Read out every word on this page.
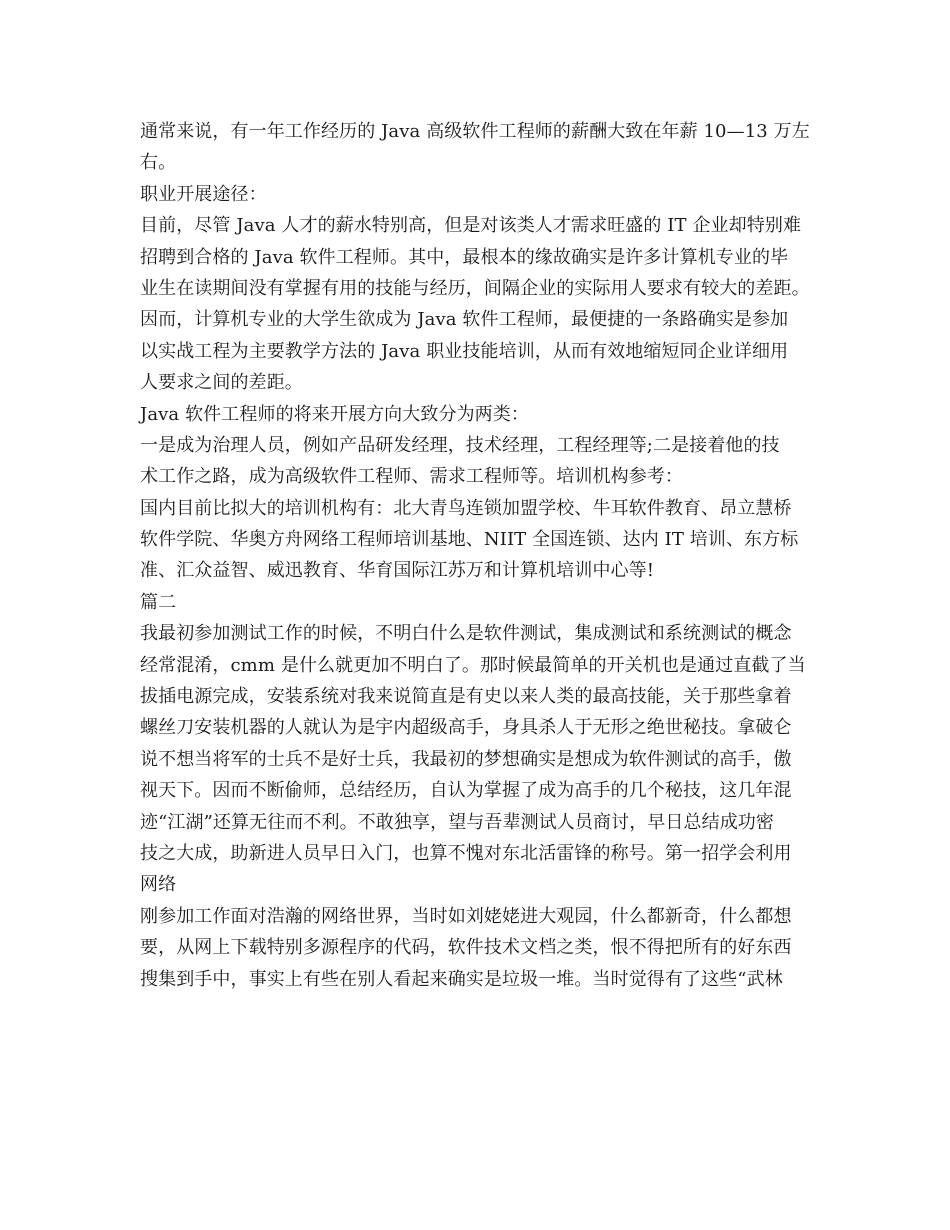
通常来说，有一年工作经历的 Java 高级软件工程师的薪酬大致在年薪 10—13 万左
右。
职业开展途径：
目前，尽管 Java 人才的薪水特别高，但是对该类人才需求旺盛的 IT 企业却特别难
招聘到合格的 Java 软件工程师。其中，最根本的缘故确实是许多计算机专业的毕
业生在读期间没有掌握有用的技能与经历，间隔企业的实际用人要求有较大的差距。
因而，计算机专业的大学生欲成为 Java 软件工程师，最便捷的一条路确实是参加
以实战工程为主要教学方法的 Java 职业技能培训，从而有效地缩短同企业详细用
人要求之间的差距。
Java 软件工程师的将来开展方向大致分为两类：
一是成为治理人员，例如产品研发经理，技术经理，工程经理等;二是接着他的技
术工作之路，成为高级软件工程师、需求工程师等。培训机构参考：
国内目前比拟大的培训机构有：北大青鸟连锁加盟学校、牛耳软件教育、昂立慧桥
软件学院、华奥方舟网络工程师培训基地、NIIT 全国连锁、达内 IT 培训、东方标
准、汇众益智、威迅教育、华育国际江苏万和计算机培训中心等!
篇二
我最初参加测试工作的时候，不明白什么是软件测试，集成测试和系统测试的概念
经常混淆，cmm 是什么就更加不明白了。那时候最简单的开关机也是通过直截了当
拔插电源完成，安装系统对我来说简直是有史以来人类的最高技能，关于那些拿着
螺丝刀安装机器的人就认为是宇内超级高手，身具杀人于无形之绝世秘技。拿破仑
说不想当将军的士兵不是好士兵，我最初的梦想确实是想成为软件测试的高手，傲
视天下。因而不断偷师，总结经历，自认为掌握了成为高手的几个秘技，这几年混
迹“江湖”还算无往而不利。不敢独享，望与吾辈测试人员商讨，早日总结成功密
技之大成，助新进人员早日入门，也算不愧对东北活雷锋的称号。第一招学会利用
网络
刚参加工作面对浩瀚的网络世界，当时如刘姥姥进大观园，什么都新奇，什么都想
要，从网上下载特别多源程序的代码，软件技术文档之类，恨不得把所有的好东西
搜集到手中，事实上有些在别人看起来确实是垃圾一堆。当时觉得有了这些“武林
